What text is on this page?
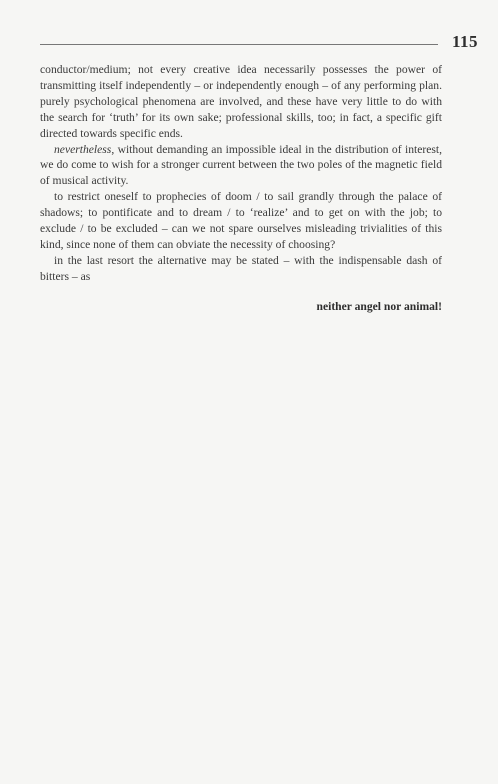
115

conductor/medium; not every creative idea necessarily possesses the power of transmitting itself independently – or independently enough – of any performing plan. purely psychological phenomena are involved, and these have very little to do with the search for ‘truth’ for its own sake; professional skills, too; in fact, a specific gift directed towards specific ends.

nevertheless, without demanding an impossible ideal in the distribution of interest, we do come to wish for a stronger current between the two poles of the magnetic field of musical activity.

to restrict oneself to prophecies of doom / to sail grandly through the palace of shadows; to pontificate and to dream / to ‘realize’ and to get on with the job; to exclude / to be excluded – can we not spare ourselves misleading trivialities of this kind, since none of them can obviate the necessity of choosing?

in the last resort the alternative may be stated – with the indispensable dash of bitters – as

neither angel nor animal!
